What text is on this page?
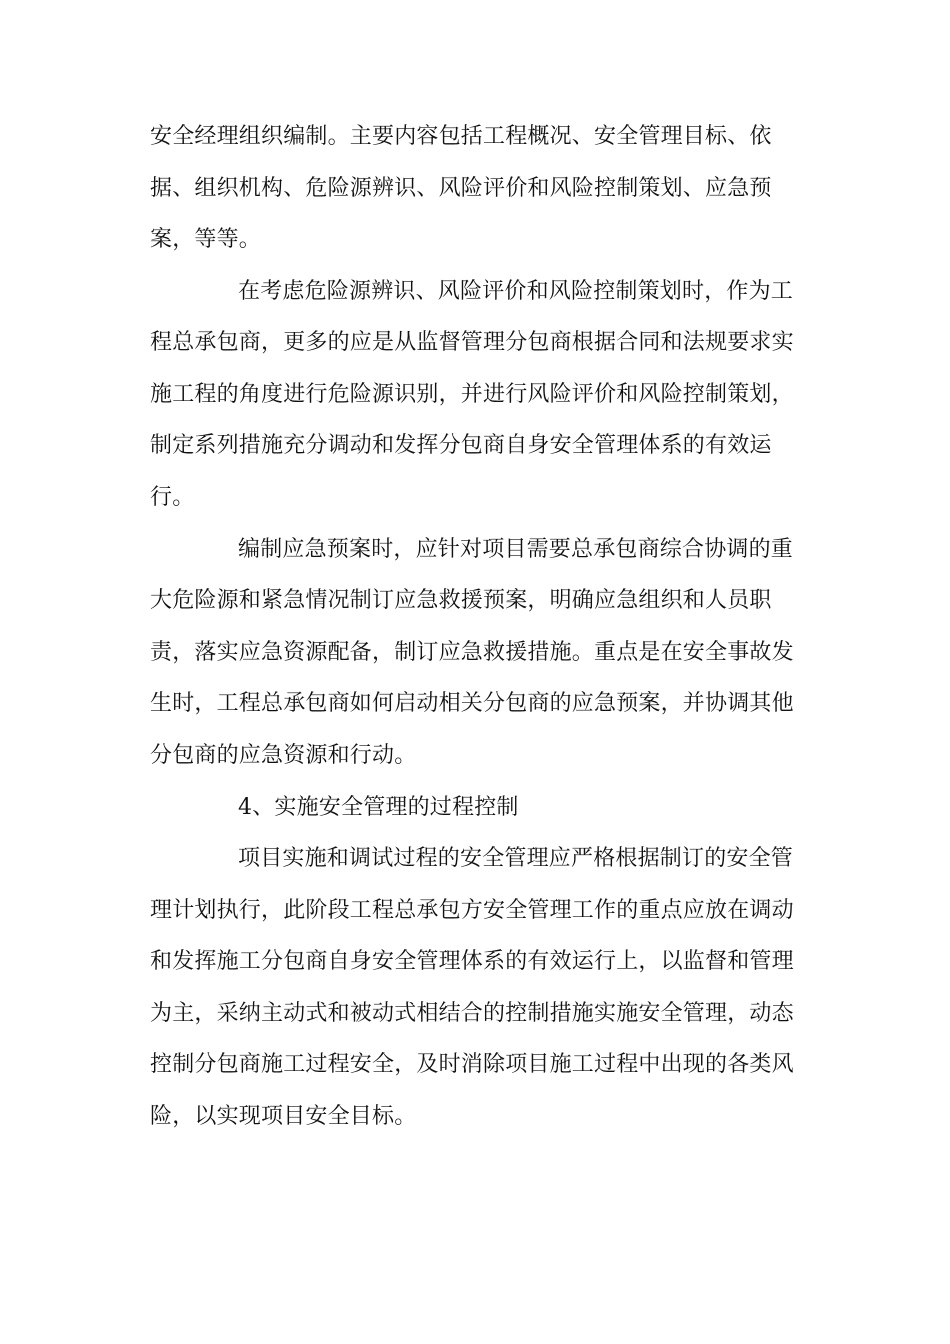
安全经理组织编制。主要内容包括工程概况、安全管理目标、依
据、组织机构、危险源辨识、风险评价和风险控制策划、应急预
案，等等。
在考虑危险源辨识、风险评价和风险控制策划时，作为工
程总承包商，更多的应是从监督管理分包商根据合同和法规要求实
施工程的角度进行危险源识别，并进行风险评价和风险控制策划，
制定系列措施充分调动和发挥分包商自身安全管理体系的有效运
行。
编制应急预案时，应针对项目需要总承包商综合协调的重
大危险源和紧急情况制订应急救援预案，明确应急组织和人员职
责，落实应急资源配备，制订应急救援措施。重点是在安全事故发
生时，工程总承包商如何启动相关分包商的应急预案，并协调其他
分包商的应急资源和行动。
4、实施安全管理的过程控制
项目实施和调试过程的安全管理应严格根据制订的安全管
理计划执行，此阶段工程总承包方安全管理工作的重点应放在调动
和发挥施工分包商自身安全管理体系的有效运行上，以监督和管理
为主，采纳主动式和被动式相结合的控制措施实施安全管理，动态
控制分包商施工过程安全，及时消除项目施工过程中出现的各类风
险，以实现项目安全目标。
